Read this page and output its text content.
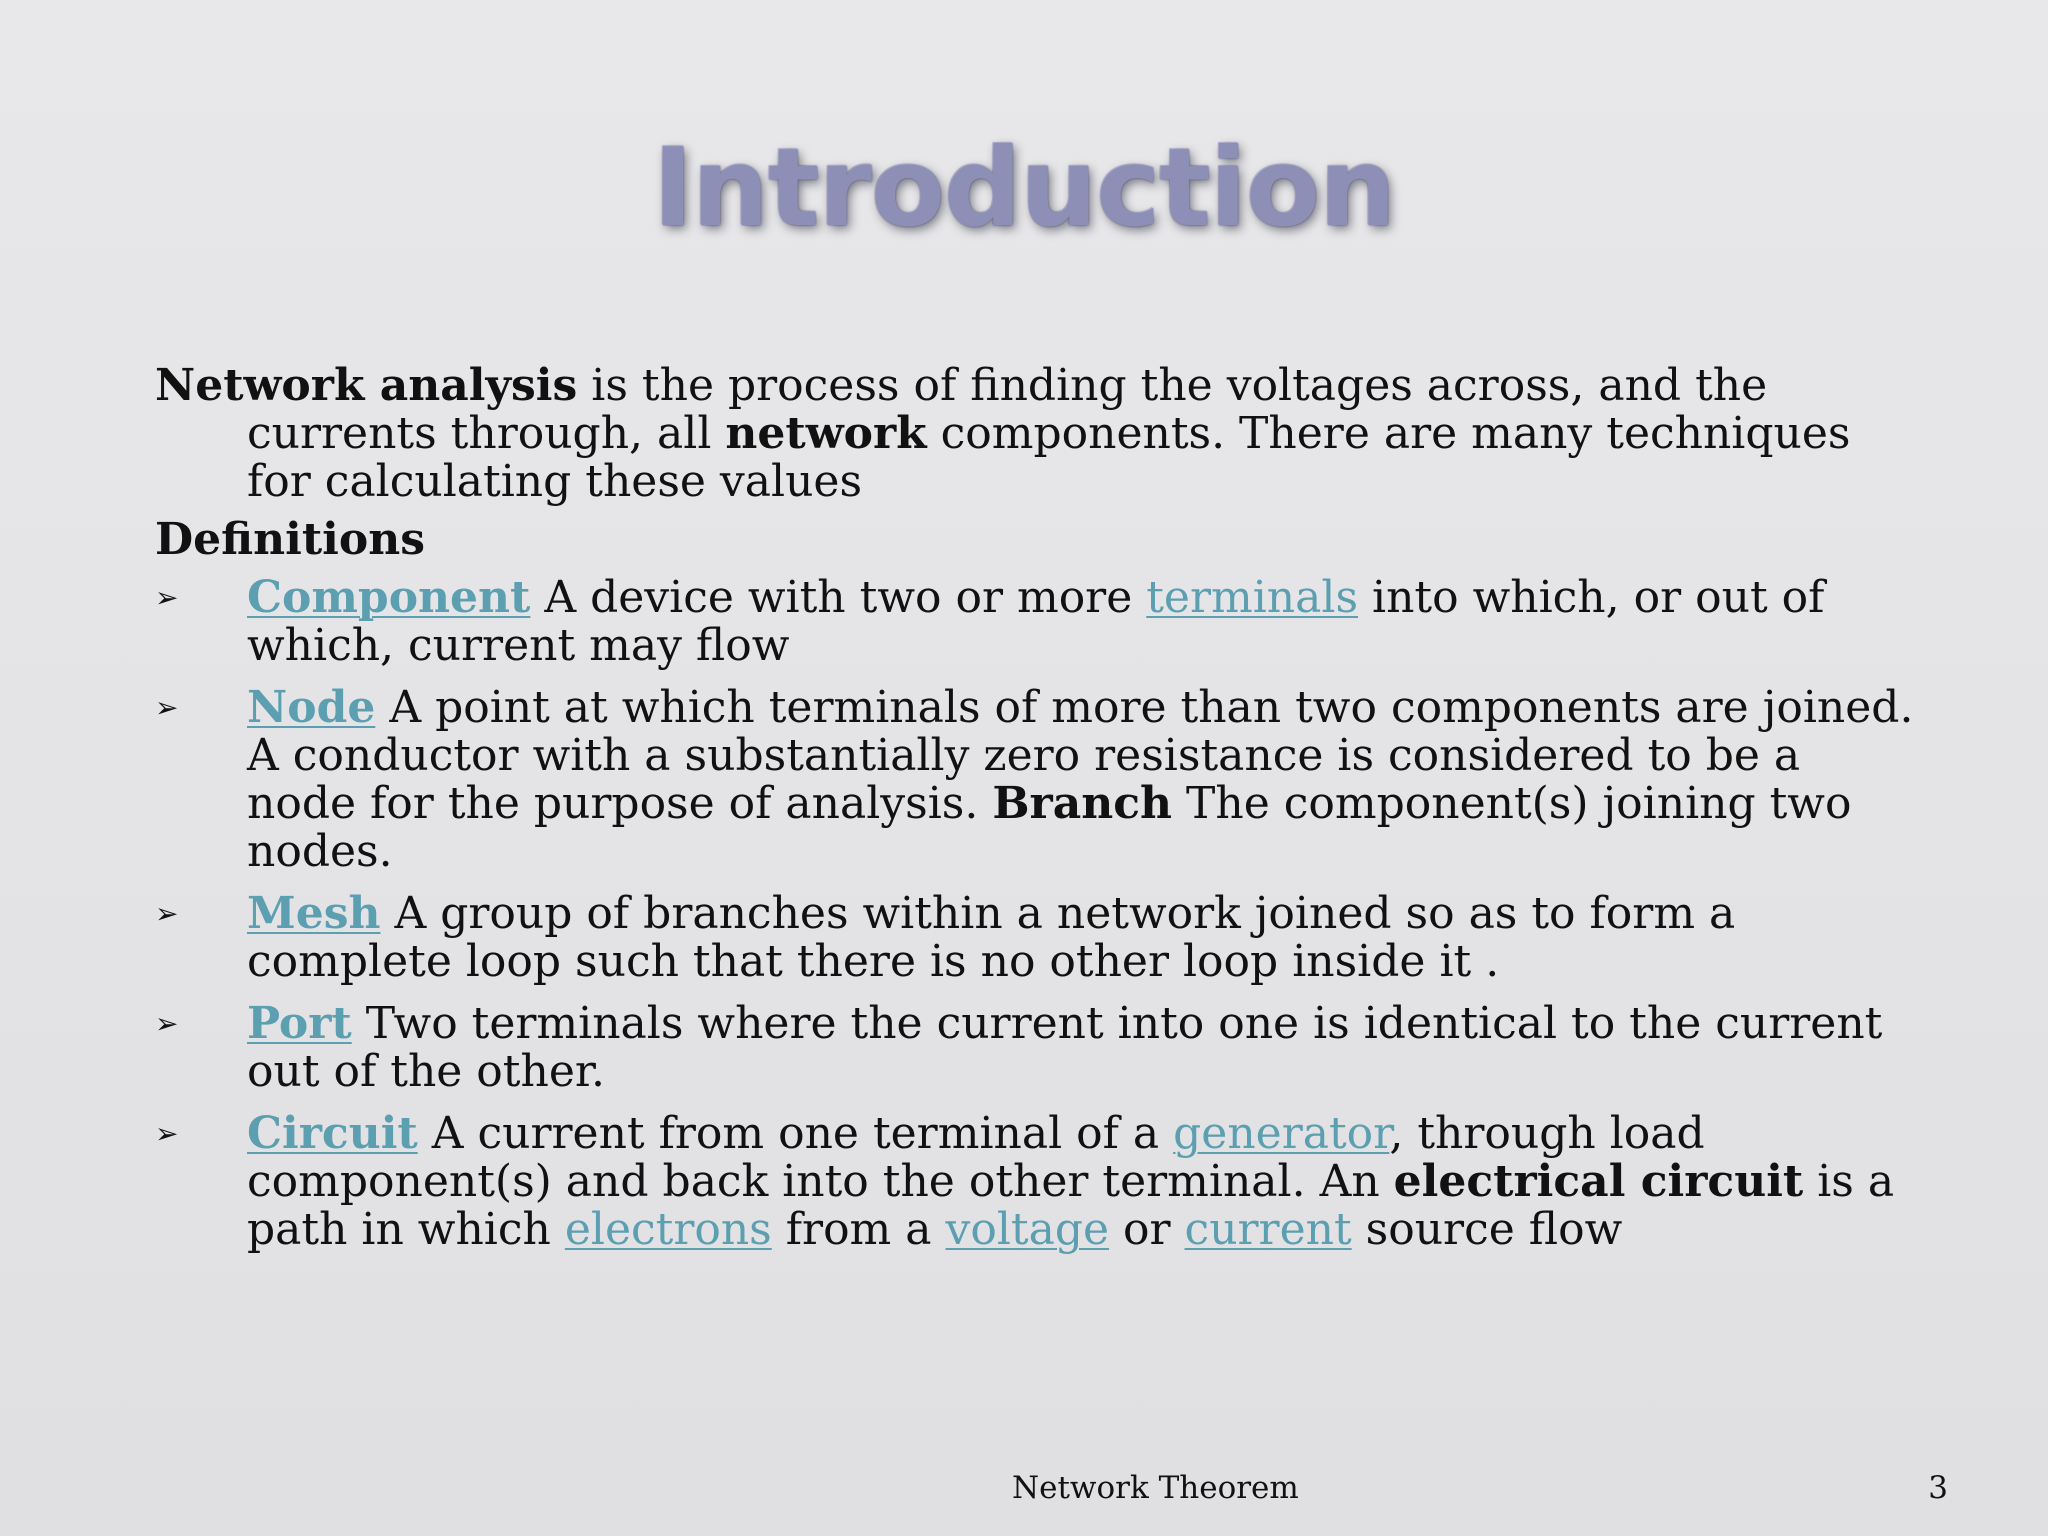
Introduction

Network analysis is the process of finding the voltages across, and the currents through, all network components. There are many techniques for calculating these values

Definitions
➢ Component A device with two or more terminals into which, or out of which, current may flow
➢ Node A point at which terminals of more than two components are joined. A conductor with a substantially zero resistance is considered to be a node for the purpose of analysis. Branch The component(s) joining two nodes.
➢ Mesh A group of branches within a network joined so as to form a complete loop such that there is no other loop inside it .
➢ Port Two terminals where the current into one is identical to the current out of the other.
➢ Circuit A current from one terminal of a generator, through load component(s) and back into the other terminal. An electrical circuit is a path in which electrons from a voltage or current source flow
Network Theorem	3
